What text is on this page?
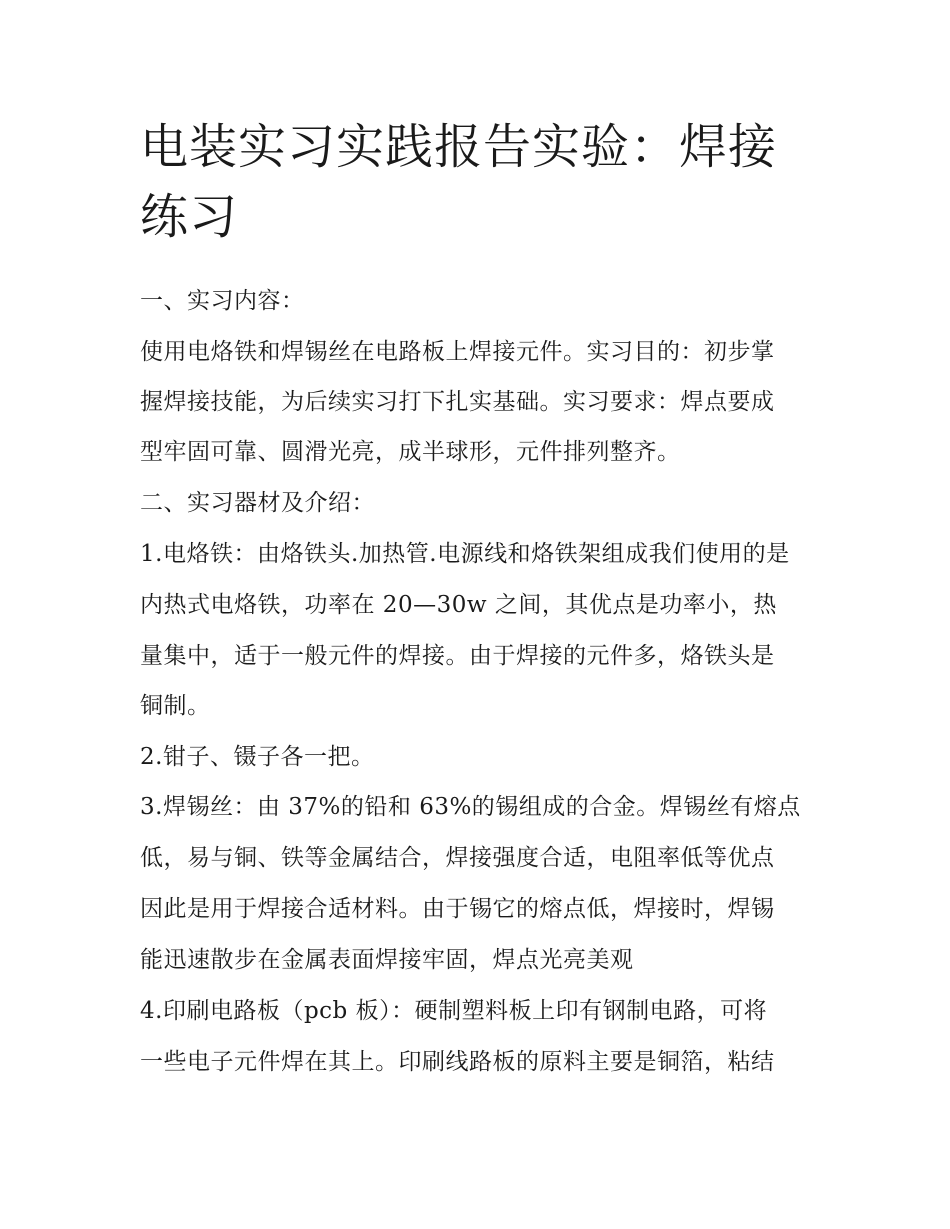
电装实习实践报告实验：焊接
练习
一、实习内容：
使用电烙铁和焊锡丝在电路板上焊接元件。实习目的：初步掌
握焊接技能，为后续实习打下扎实基础。实习要求：焊点要成
型牢固可靠、圆滑光亮，成半球形，元件排列整齐。
二、实习器材及介绍：
1.电烙铁：由烙铁头.加热管.电源线和烙铁架组成我们使用的是
内热式电烙铁，功率在 20—30w 之间，其优点是功率小，热
量集中，适于一般元件的焊接。由于焊接的元件多，烙铁头是
铜制。
2.钳子、镊子各一把。
3.焊锡丝：由 37%的铅和 63%的锡组成的合金。焊锡丝有熔点
低，易与铜、铁等金属结合，焊接强度合适，电阻率低等优点
因此是用于焊接合适材料。由于锡它的熔点低，焊接时，焊锡
能迅速散步在金属表面焊接牢固，焊点光亮美观
4.印刷电路板（pcb 板）：硬制塑料板上印有钢制电路，可将
一些电子元件焊在其上。印刷线路板的原料主要是铜箔，粘结
